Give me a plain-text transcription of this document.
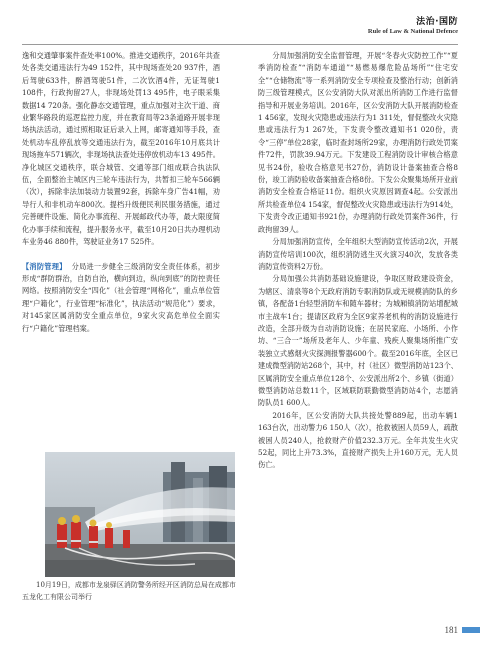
法治·国防
Rule of Law & National Defence

逸和交通肇事案件查处率100%。推进交通秩序，2016年共查处各类交通违法行为49 152件，其中现场查处20 937件，酒后驾驶633件，醉酒驾驶51件，二次饮酒4件，无证驾驶1 108件，行政拘留27人，非现场处罚13 495件，电子眼采集数据14 720条。强化静态交通管理，重点加强对主次干道、商业繁华路段的巡逻监控力度，并在教育局等23条道路开展非现场执法活动，通过照相取证后录入上网，邮寄通知等手段，查处机动车乱停乱放等交通违法行为，截至2016年10月底共计现场拖车571辆次，非现场执法查处违停放机动车13 495件。净化城区交通秩序，联合城管、交通等部门组成联合执法队伍，全面整治主城区内三轮车违法行为，共暂扣三轮车566辆（次），拆除非法加装动力装置92套，拆除车身广告41幅，劝导行人和非机动车800次。提档升级便民利民服务措施，通过完善硬件设施、简化办事流程、开展邮政代办等，最大限度简化办事手续和流程，提升服务水平，截至10月20日共办理机动车业务46 880件，驾驶证业务17 525件。

【消防管理】 分局进一步健全三级消防安全责任体系，初步形成“群防群治，自防自治，横向到边，纵向到底”的防控责任网络。按照消防安全“四化”（社会管理“网格化”，重点单位管理“户籍化”，行业管理“标准化”，执法活动“规范化”）要求，对145家区属消防安全重点单位，9家火灾高危单位全面实行“户籍化”管理档案。

10月19日，成都市龙泉驿区消防警务所经开区消防总局在成都市五龙化工有限公司举行

分局加强消防安全监督管理，开展“冬春火灾防控工作”“夏季消防检查”“消防车通道”“易燃易爆危险品场所”“住宅安全”“仓储物流”等一系列消防安全专项检查及整治行动；创新消防三级管理模式，区公安消防大队对派出所消防工作进行监督指导和开展业务培训。2016年，区公安消防大队开展消防检查1 456家，发现火灾隐患或违法行为1 311处，督促整改火灾隐患或违法行为1 267处，下发责令整改通知书1 020份，责令“三停”单位28家，临时查封场所29家，办理消防行政处罚案件72件，罚款39.94万元。下发建设工程消防设计审核合格意见书24份，验收合格意见书27份，消防设计备案抽查合格8份，竣工消防验收备案抽查合格8份。下发公众聚集场所开业前消防安全检查合格证11份。组织火灾原因调查4起。公安派出所共检查单位4 154家，督促整改火灾隐患或违法行为914处，下发责令改正通知书921份，办理消防行政处罚案件36件，行政拘留39人。

分局加强消防宣传，全年组织大型消防宣传活动2次，开展消防宣传培训100次，组织消防逃生灭火演习40次，发放各类消防宣传资料2万份。

分局加强公共消防基础设施建设，争取区财政建设资金，为辖区、清泉等8个无政府消防专职消防队或无规模消防队的乡镇，各配备1台轻型消防车和随车器材；为城厢镇消防站增配城市主战车1台；提请区政府为全区9家养老机构的消防设施进行改造，全部升级为自动消防设施；在居民家庭、小场所、小作坊、“三合一”场所及老年人、少年童、残疾人聚集场所推广安装独立式感烟火灾探测报警器600个。截至2016年底，全区已建成微型消防站268个，其中，村（社区）微型消防站123个、区属消防安全重点单位128个、公安派出所2个、乡镇（街道）微型消防站总数11个，区域联防联勤微型消防站4个，志愿消防队员1 600人。

2016年，区公安消防大队共接处警889起，出动车辆1 163台次，出动警力6 150人（次），抢救被困人员59人，疏散被困人员240人，抢救财产价值232.3万元。全年共发生火灾52起，同比上升73.3%，直接财产损失上升160万元，无人员伤亡。

181
